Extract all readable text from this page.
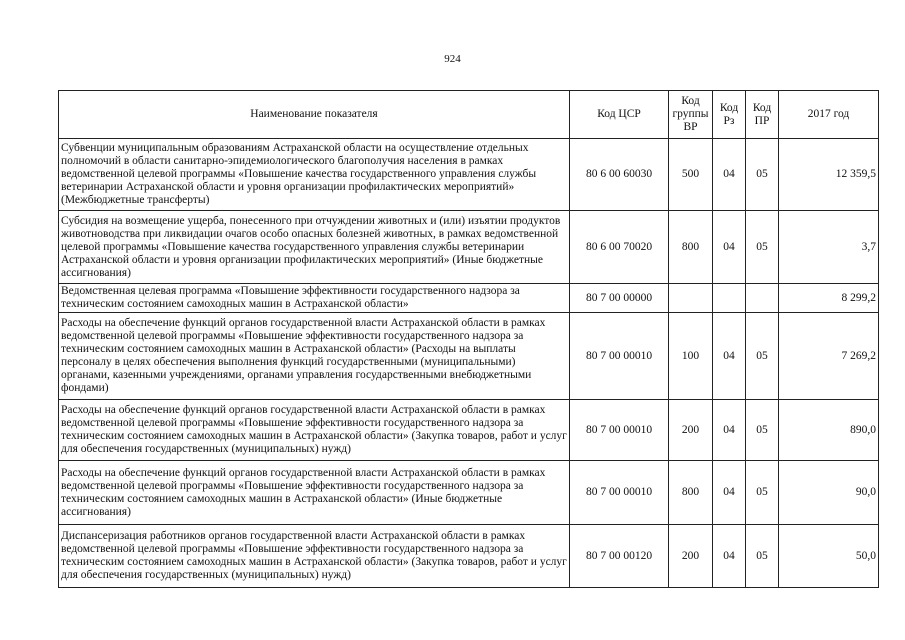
924
Наименование показателя	Код ЦСР	Код группы ВР	Код Рз	Код ПР	2017 год
Субвенции муниципальным образованиям Астраханской области на осуществление отдельных полномочий в области санитарно-эпидемиологического благополучия населения в рамках ведомственной целевой программы «Повышение качества государственного управления службы ветеринарии Астраханской области и уровня организации профилактических мероприятий» (Межбюджетные трансферты)	80 6 00 60030	500	04	05	12 359,5
Субсидия на возмещение ущерба, понесенного при отчуждении животных и (или) изъятии продуктов животноводства при ликвидации очагов особо опасных болезней животных, в рамках ведомственной целевой программы «Повышение качества государственного управления службы ветеринарии Астраханской области и уровня организации профилактических мероприятий» (Иные бюджетные ассигнования)	80 6 00 70020	800	04	05	3,7
Ведомственная целевая программа «Повышение эффективности государственного надзора за техническим состоянием самоходных машин в Астраханской области»	80 7 00 00000				8 299,2
Расходы на обеспечение функций органов государственной власти Астраханской области в рамках ведомственной целевой программы «Повышение эффективности государственного надзора за техническим состоянием самоходных машин в Астраханской области» (Расходы на выплаты персоналу в целях обеспечения выполнения функций государственными (муниципальными) органами, казенными учреждениями, органами управления государственными внебюджетными фондами)	80 7 00 00010	100	04	05	7 269,2
Расходы на обеспечение функций органов государственной власти Астраханской области в рамках ведомственной целевой программы «Повышение эффективности государственного надзора за техническим состоянием самоходных машин в Астраханской области» (Закупка товаров, работ и услуг для обеспечения государственных (муниципальных) нужд)	80 7 00 00010	200	04	05	890,0
Расходы на обеспечение функций органов государственной власти Астраханской области в рамках ведомственной целевой программы «Повышение эффективности государственного надзора за техническим состоянием самоходных машин в Астраханской области» (Иные бюджетные ассигнования)	80 7 00 00010	800	04	05	90,0
Диспансеризация работников органов государственной власти Астраханской области в рамках ведомственной целевой программы «Повышение эффективности государственного надзора за техническим состоянием самоходных машин в Астраханской области» (Закупка товаров, работ и услуг для обеспечения государственных (муниципальных) нужд)	80 7 00 00120	200	04	05	50,0
